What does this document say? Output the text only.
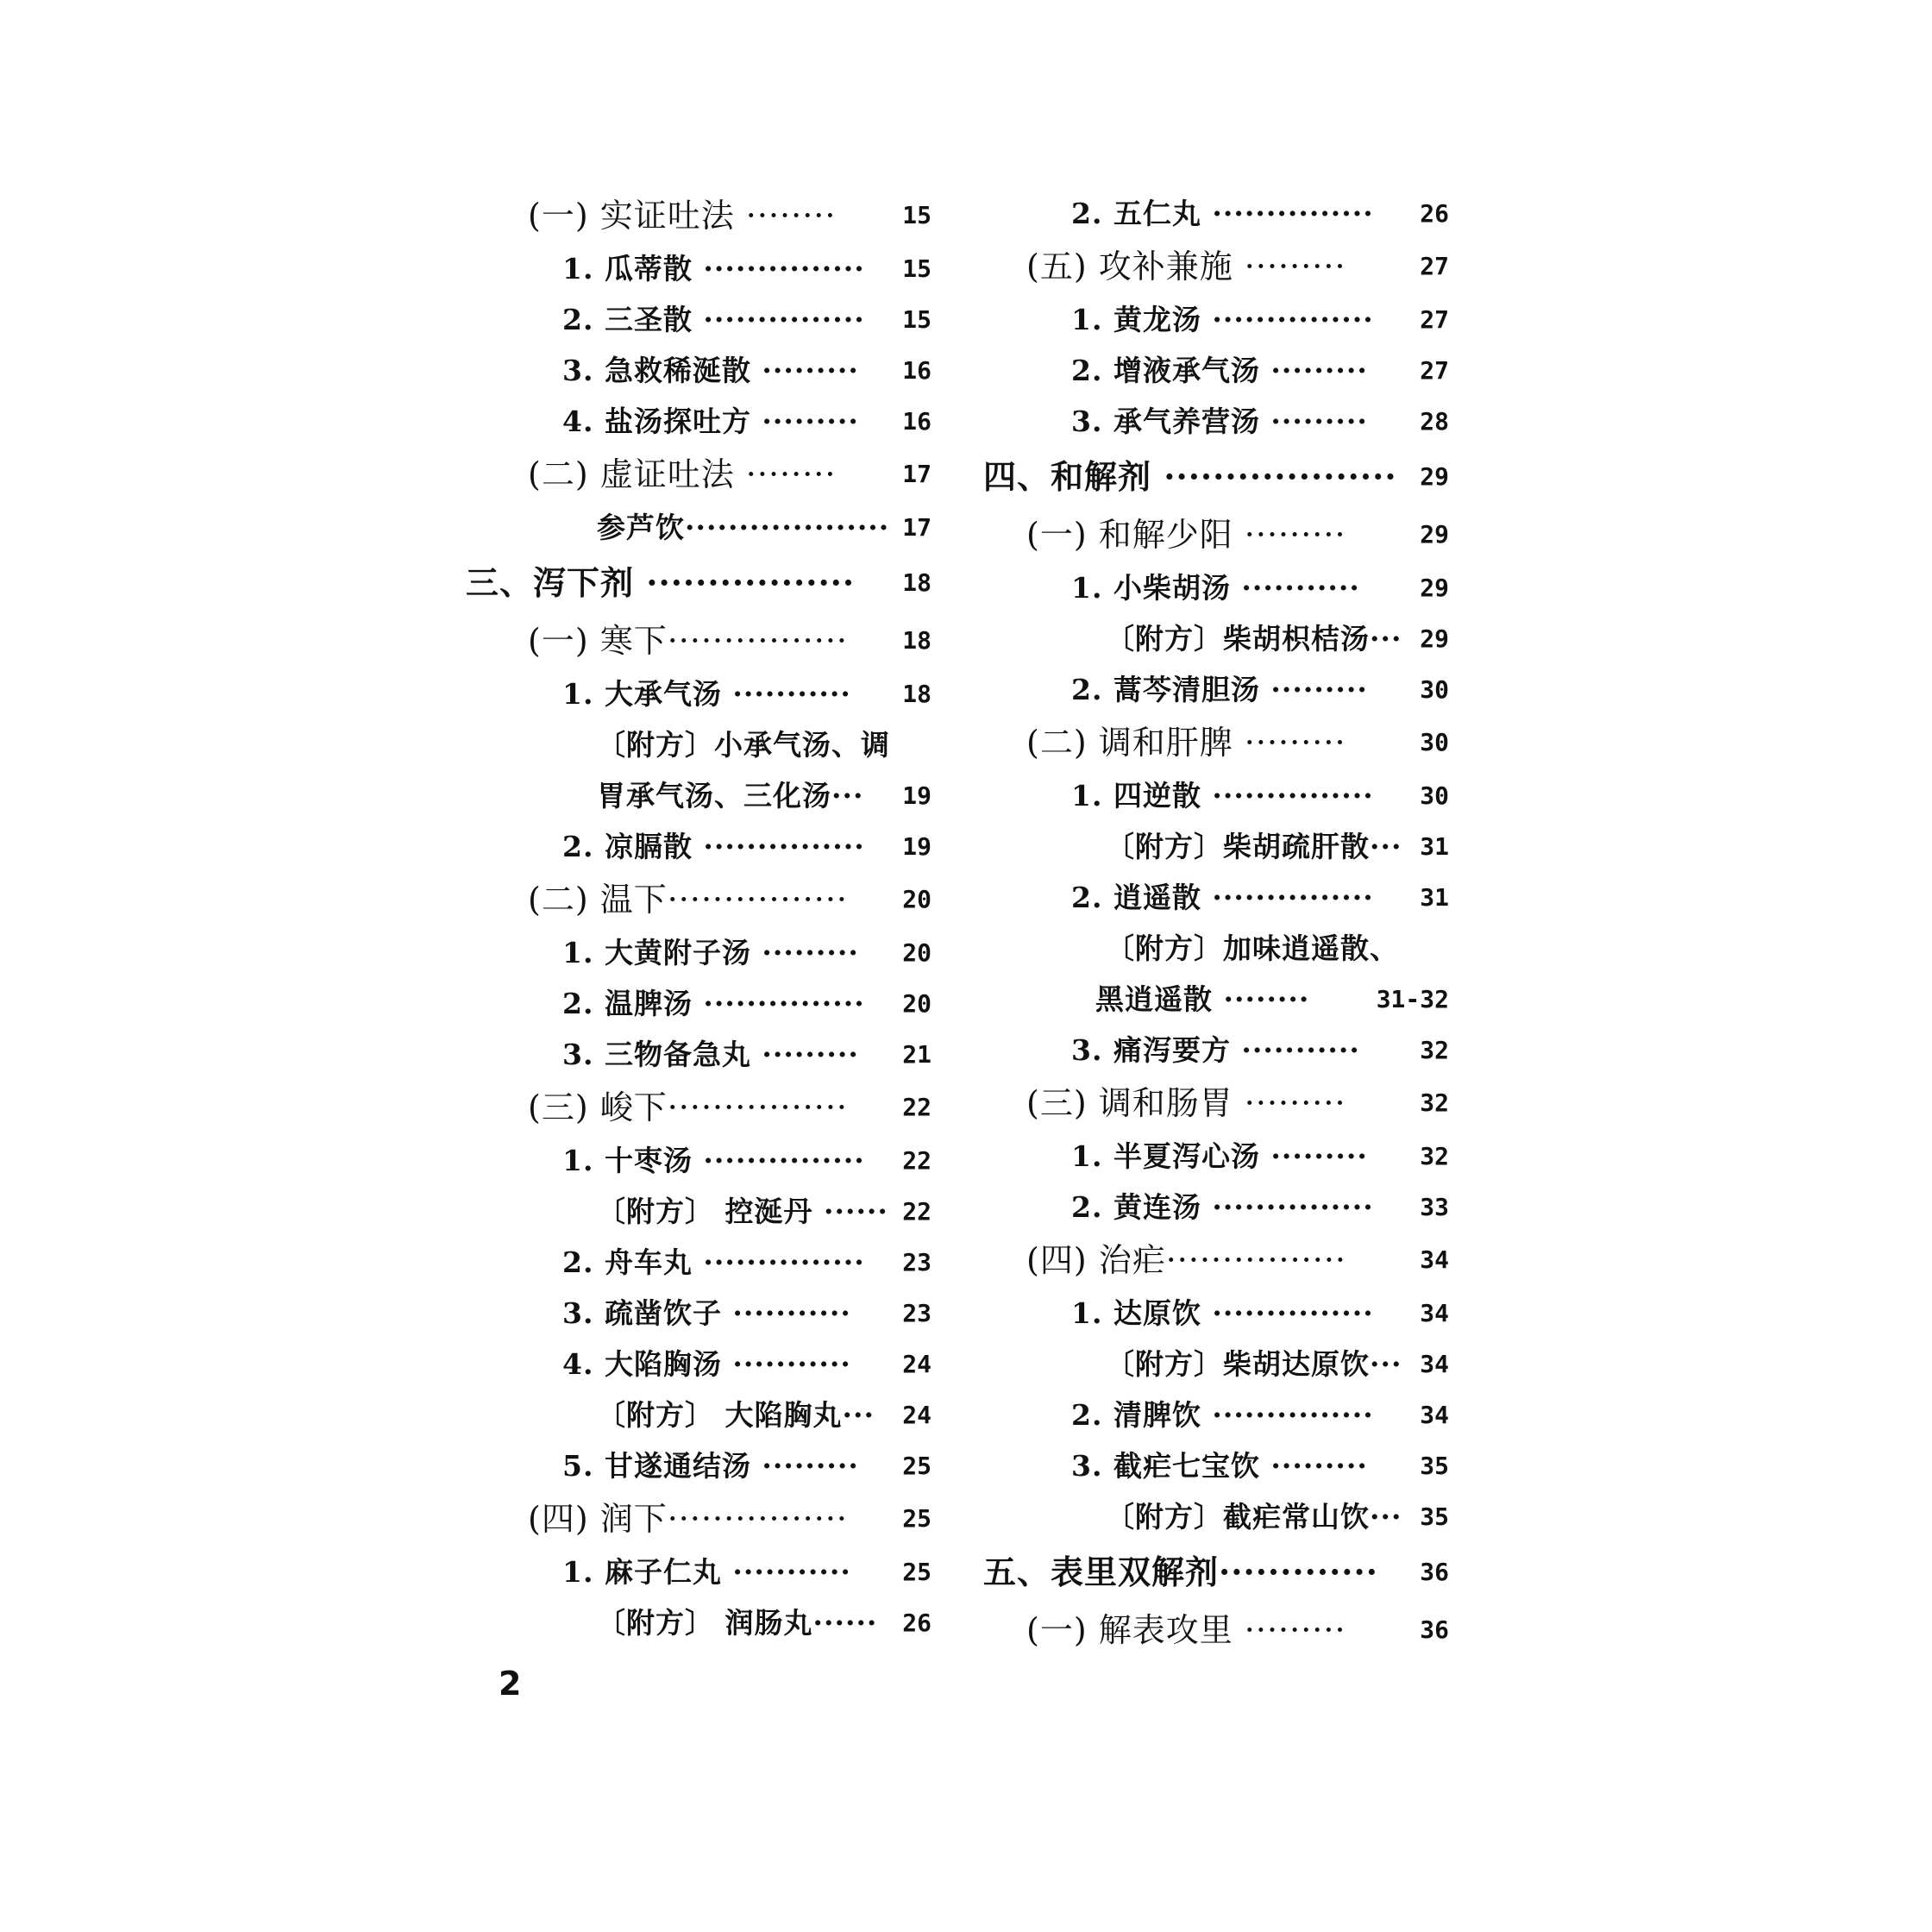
(一) 实证吐法 ········	15
1. 瓜蒂散 ··············· 15
2. 三圣散 ··············· 15
3. 急救稀涎散 ········· 16
4. 盐汤探吐方 ········· 16
(二) 虚证吐法 ········	17
参芦饮··················· 17
三、泻下剂 ················· 18
(一) 寒下················ 18
1. 大承气汤 ··········· 18
〔附方〕小承气汤、调
胃承气汤、三化汤··· 19
2. 凉膈散 ··············· 19
(二) 温下················ 20
1. 大黄附子汤 ········· 20
2. 温脾汤 ··············· 20
3. 三物备急丸 ········· 21
(三) 峻下················ 22
1. 十枣汤 ··············· 22
〔附方〕 控涎丹 ······ 22
2. 舟车丸 ··············· 23
3. 疏凿饮子 ··········· 23
4. 大陷胸汤 ··········· 24
〔附方〕 大陷胸丸··· 24
5. 甘遂通结汤 ········· 25
(四) 润下················ 25
1. 麻子仁丸 ··········· 25
〔附方〕 润肠丸······ 26
2. 五仁丸 ··············· 26
(五) 攻补兼施 ·········	27
1. 黄龙汤 ··············· 27
2. 增液承气汤 ········· 27
3. 承气养营汤 ········· 28
四、和解剂 ··················· 29
(一) 和解少阳 ·········	29
1. 小柴胡汤 ··········· 29
〔附方〕柴胡枳桔汤··· 29
2. 蒿芩清胆汤 ········· 30
(二) 调和肝脾 ·········	30
1. 四逆散 ··············· 30
〔附方〕柴胡疏肝散··· 31
2. 逍遥散 ··············· 31
〔附方〕加味逍遥散、
黑逍遥散 ········	31-32
3. 痛泻要方 ··········· 32
(三) 调和肠胃 ·········	32
1. 半夏泻心汤 ········· 32
2. 黄连汤 ··············· 33
(四) 治疟················	34
1. 达原饮 ··············· 34
〔附方〕柴胡达原饮··· 34
2. 清脾饮 ··············· 34
3. 截疟七宝饮 ········· 35
〔附方〕截疟常山饮··· 35
五、表里双解剂············· 36
(一) 解表攻里 ·········	36
2
